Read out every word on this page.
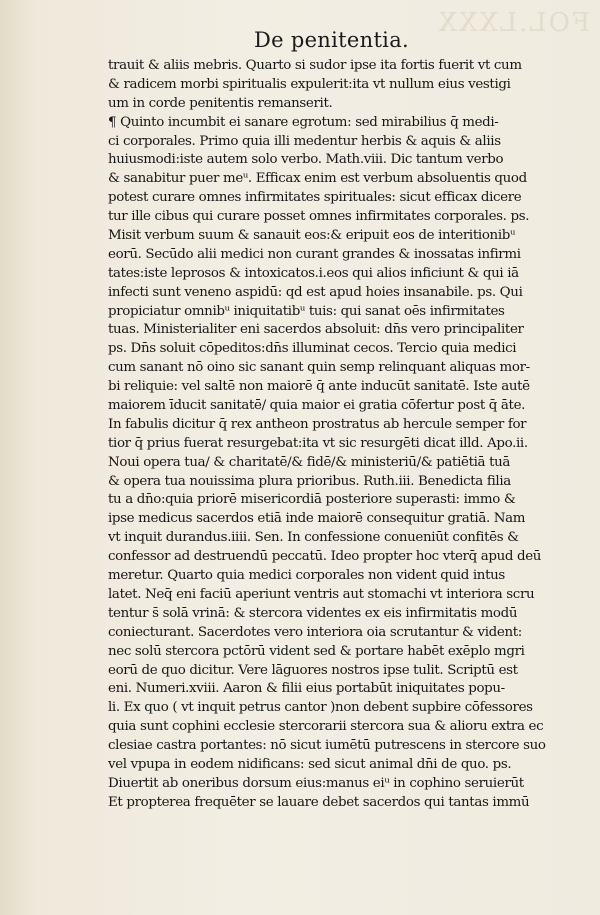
FOL.LXXX
De penitentia.
trauit & aliis mebris. Quarto si sudor ipse ita fortis fuerit vt cum
& radicem morbi spiritualis expulerit:ita vt nullum eius vestigi
um in corde penitentis remanserit.
¶ Quinto incumbit ei sanare egrotum: sed mirabilius q̄ medi-
ci corporales. Primo quia illi medentur herbis & aquis & aliis
huiusmodi:iste autem solo verbo. Math.viii. Dic tantum verbo
& sanabitur puer meᵘ. Efficax enim est verbum absoluentis quod
potest curare omnes infirmitates spirituales: sicut efficax dicere
tur ille cibus qui curare posset omnes infirmitates corporales. ps.
Misit verbum suum & sanauit eos:& eripuit eos de interitionibᵘ
eorū. Secūdo alii medici non curant grandes & inossatas infirmi
tates:iste leprosos & intoxicatos.i.eos qui alios inficiunt & qui iā
infecti sunt veneno aspidū: qd est apud hoies insanabile. ps. Qui
propiciatur omnibᵘ iniquitatibᵘ tuis: qui sanat oēs infirmitates
tuas. Ministerialiter eni sacerdos absoluit: dn̄s vero principaliter
ps. Dn̄s soluit cōpeditos:dn̄s illuminat cecos. Tercio quia medici
cum sanant nō oino sic sanant quin semp relinquant aliquas mor-
bi reliquie: vel saltē non maiorē q̄ ante inducūt sanitatē. Iste autē
maiorem īducit sanitatē/ quia maior ei gratia cōfertur post q̄ āte.
In fabulis dicitur q̄ rex antheon prostratus ab hercule semper for
tior q̄ prius fuerat resurgebat:ita vt sic resurgēti dicat illd. Apo.ii.
Noui opera tua/ & charitatē/& fidē/& ministeriū/& patiētiā tuā
& opera tua nouissima plura prioribus. Ruth.iii. Benedicta filia
tu a dn̄o:quia priorē misericordiā posteriore superasti: immo &
ipse medicus sacerdos etiā inde maiorē consequitur gratiā. Nam
vt inquit durandus.iiii. Sen. In confessione conueniūt confitēs &
confessor ad destruendū peccatū. Ideo propter hoc vterq̄ apud deū
meretur. Quarto quia medici corporales non vident quid intus
latet. Neq̄ eni faciū aperiunt ventris aut stomachi vt interiora scru
tentur s̄ solā vrinā: & stercora videntes ex eis infirmitatis modū
coniecturant. Sacerdotes vero interiora oia scrutantur & vident:
nec solū stercora pctōrū vident sed & portare habēt exēplo mgri
eorū de quo dicitur. Vere lāguores nostros ipse tulit. Scriptū est
eni. Numeri.xviii. Aaron & filii eius portabūt iniquitates popu-
li. Ex quo ( vt inquit petrus cantor )non debent supbire cōfessores
quia sunt cophini ecclesie stercorarii stercora sua & alioru extra ec
clesiae castra portantes: nō sicut iumētū putrescens in stercore suo
vel vpupa in eodem nidificans: sed sicut animal dn̄i de quo. ps.
Diuertit ab oneribus dorsum eius:manus eiᵘ in cophino seruierūt
Et propterea frequēter se lauare debet sacerdos qui tantas immū
